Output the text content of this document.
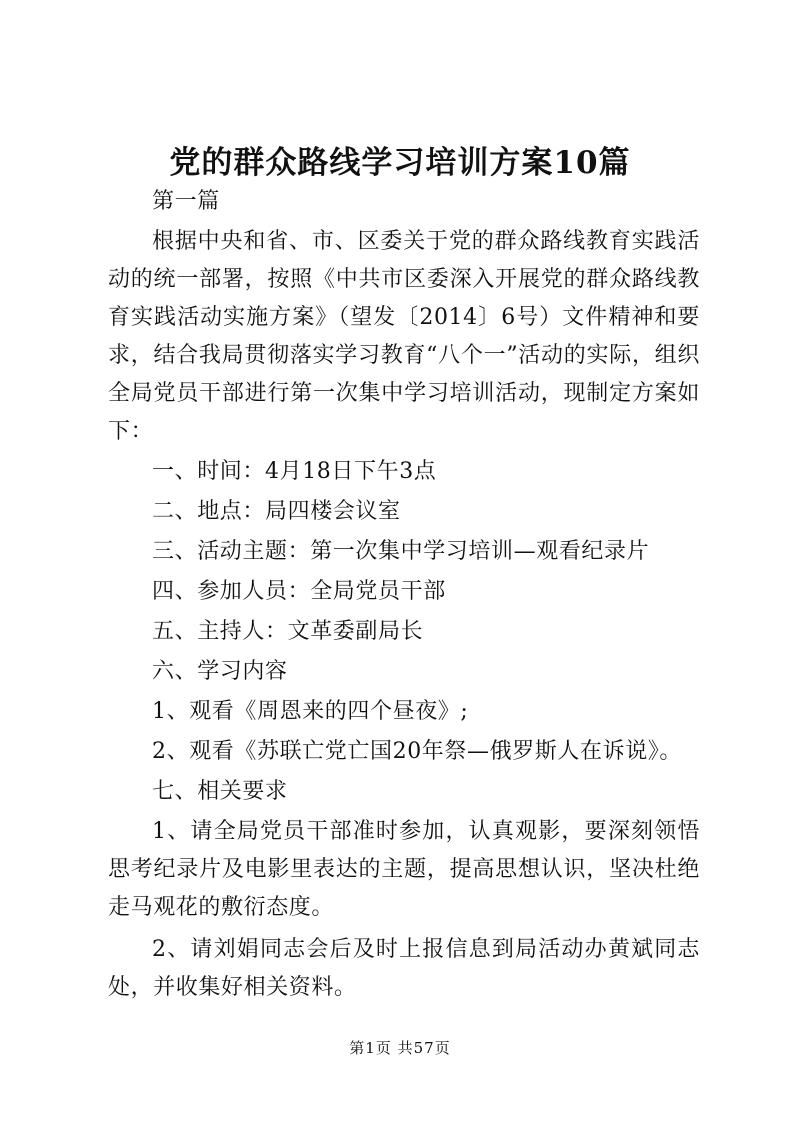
党的群众路线学习培训方案10篇

第一篇

根据中央和省、市、区委关于党的群众路线教育实践活动的统一部署，按照《中共市区委深入开展党的群众路线教育实践活动实施方案》（望发〔2014〕6号）文件精神和要求，结合我局贯彻落实学习教育“八个一”活动的实际，组织全局党员干部进行第一次集中学习培训活动，现制定方案如下：

一、时间：4月18日下午3点

二、地点：局四楼会议室

三、活动主题：第一次集中学习培训—观看纪录片

四、参加人员：全局党员干部

五、主持人：文革委副局长

六、学习内容

1、观看《周恩来的四个昼夜》;

2、观看《苏联亡党亡国20年祭—俄罗斯人在诉说》。

七、相关要求

1、请全局党员干部准时参加，认真观影，要深刻领悟思考纪录片及电影里表达的主题，提高思想认识，坚决杜绝走马观花的敷衍态度。

2、请刘娟同志会后及时上报信息到局活动办黄斌同志处，并收集好相关资料。

第1页 共57页
